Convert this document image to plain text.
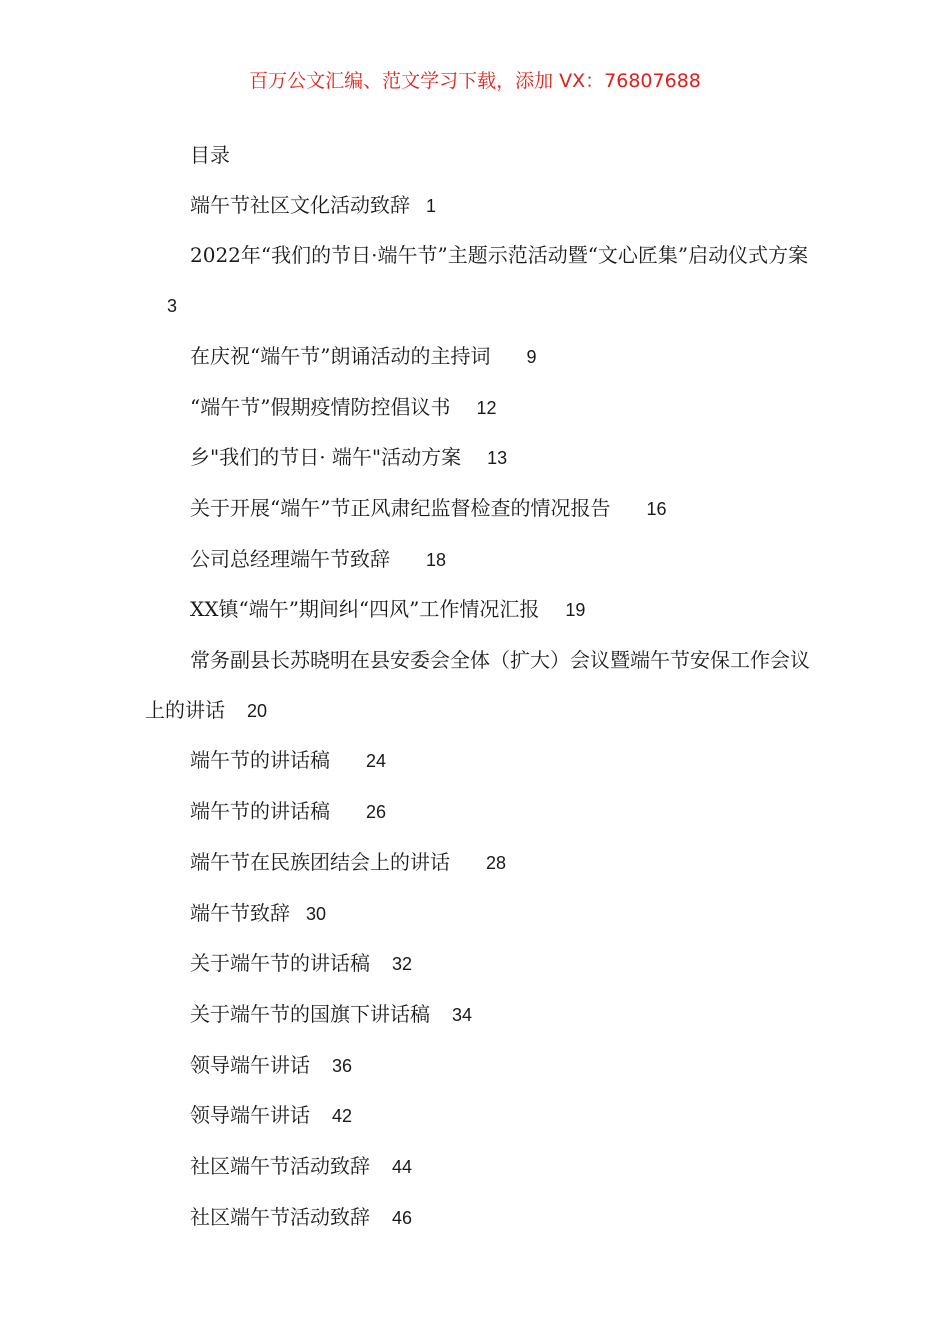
百万公文汇编、范文学习下载，添加 VX：76807688
目录
端午节社区文化活动致辞 1
2022年“我们的节日·端午节”主题示范活动暨“文心匠集”启动仪式方案3
在庆祝“端午节”朗诵活动的主持词 9
“端午节”假期疫情防控倡议书 12
乡"我们的节日· 端午"活动方案 13
关于开展“端午”节正风肃纪监督检查的情况报告 16
公司总经理端午节致辞 18
XX镇“端午”期间纠“四风”工作情况汇报 19
常务副县长苏晓明在县安委会全体（扩大）会议暨端午节安保工作会议上的讲话 20
端午节的讲话稿 24
端午节的讲话稿 26
端午节在民族团结会上的讲话 28
端午节致辞 30
关于端午节的讲话稿 32
关于端午节的国旗下讲话稿 34
领导端午讲话 36
领导端午讲话 42
社区端午节活动致辞 44
社区端午节活动致辞 46
